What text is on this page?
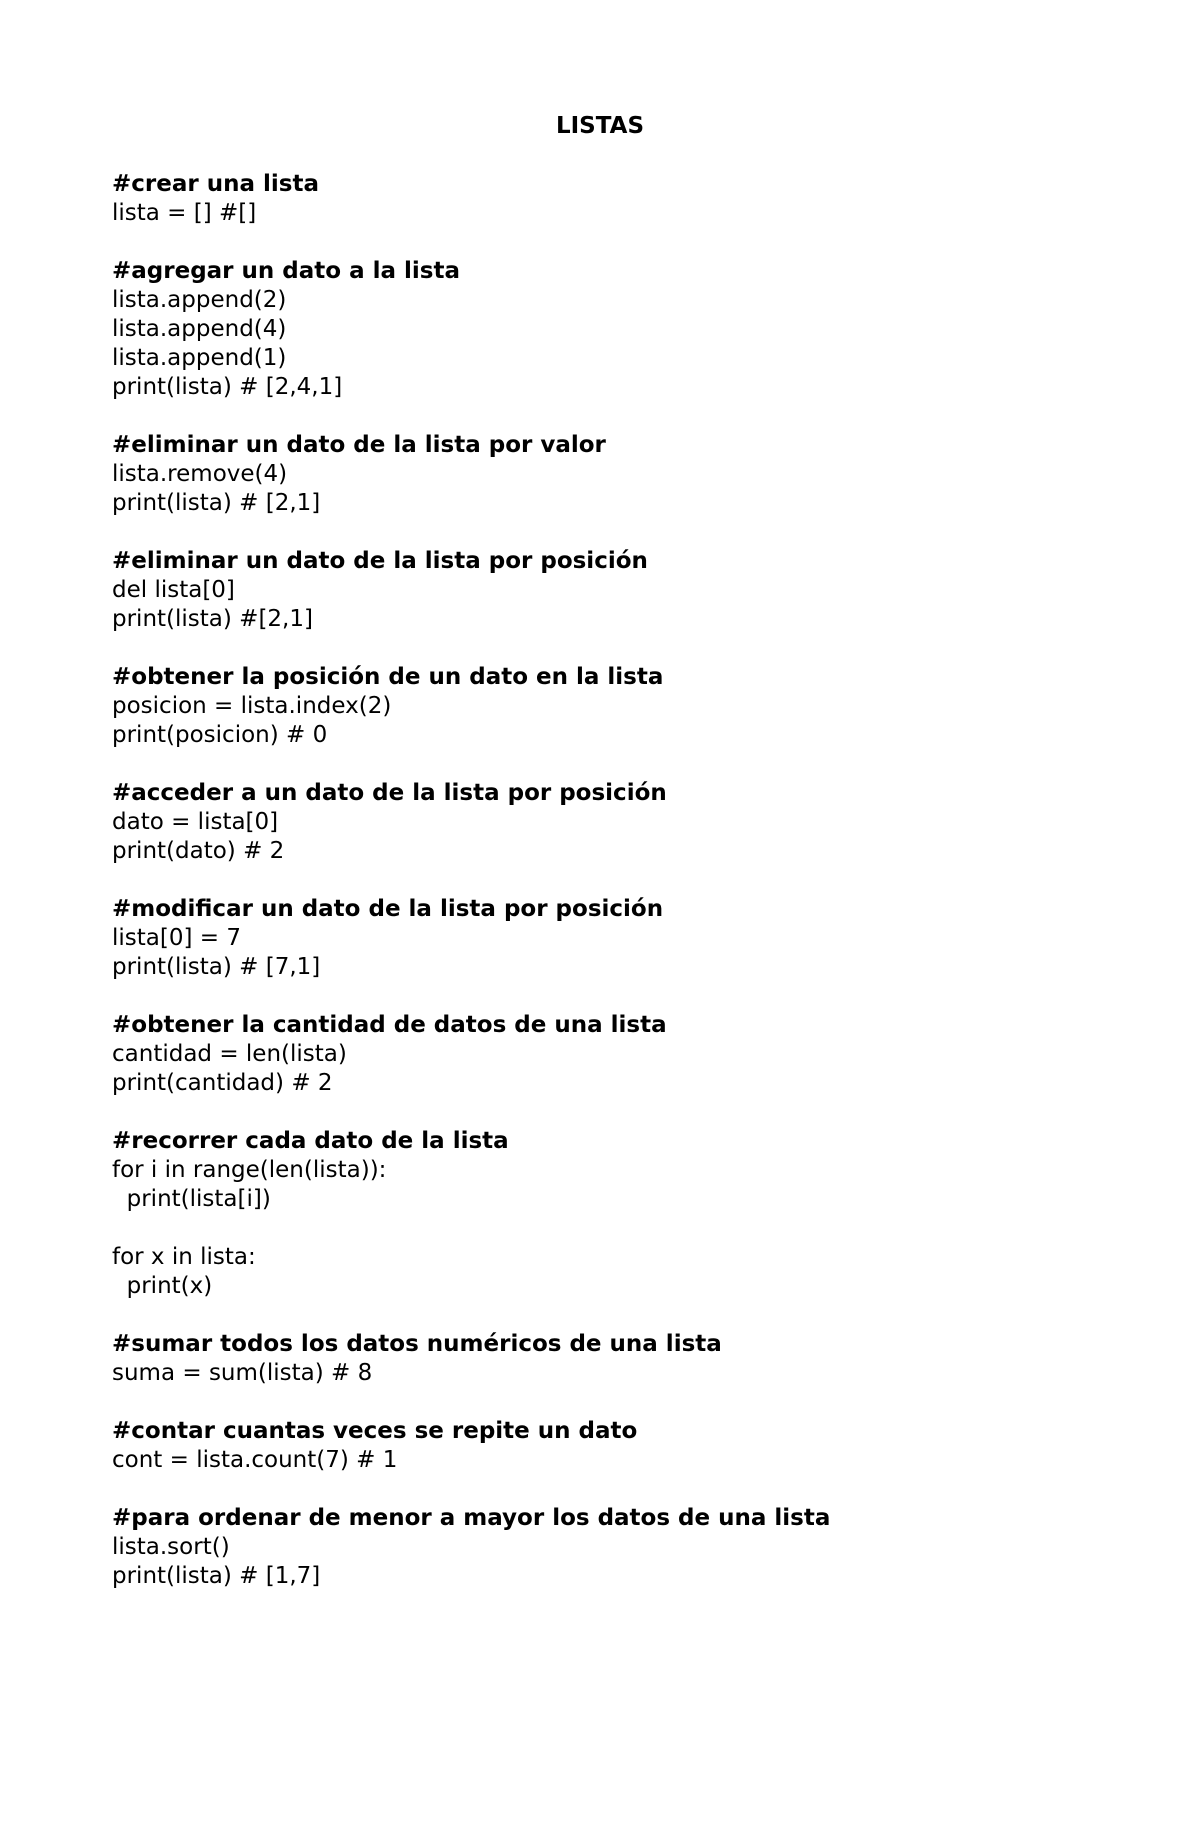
LISTAS
#crear una lista
lista = [] #[]
#agregar un dato a la lista
lista.append(2)
lista.append(4)
lista.append(1)
print(lista) # [2,4,1]
#eliminar un dato de la lista por valor
lista.remove(4)
print(lista) # [2,1]
#eliminar un dato de la lista por posición
del lista[0]
print(lista) #[2,1]
#obtener la posición de un dato en la lista
posicion = lista.index(2)
print(posicion) # 0
#acceder a un dato de la lista por posición
dato = lista[0]
print(dato) # 2
#modificar un dato de la lista por posición
lista[0] = 7
print(lista) # [7,1]
#obtener la cantidad de datos de una lista
cantidad = len(lista)
print(cantidad) # 2
#recorrer cada dato de la lista
for i in range(len(lista)):
print(lista[i])
for x in lista:
print(x)
#sumar todos los datos numéricos de una lista
suma = sum(lista) # 8
#contar cuantas veces se repite un dato
cont = lista.count(7) # 1
#para ordenar de menor a mayor los datos de una lista
lista.sort()
print(lista) # [1,7]
